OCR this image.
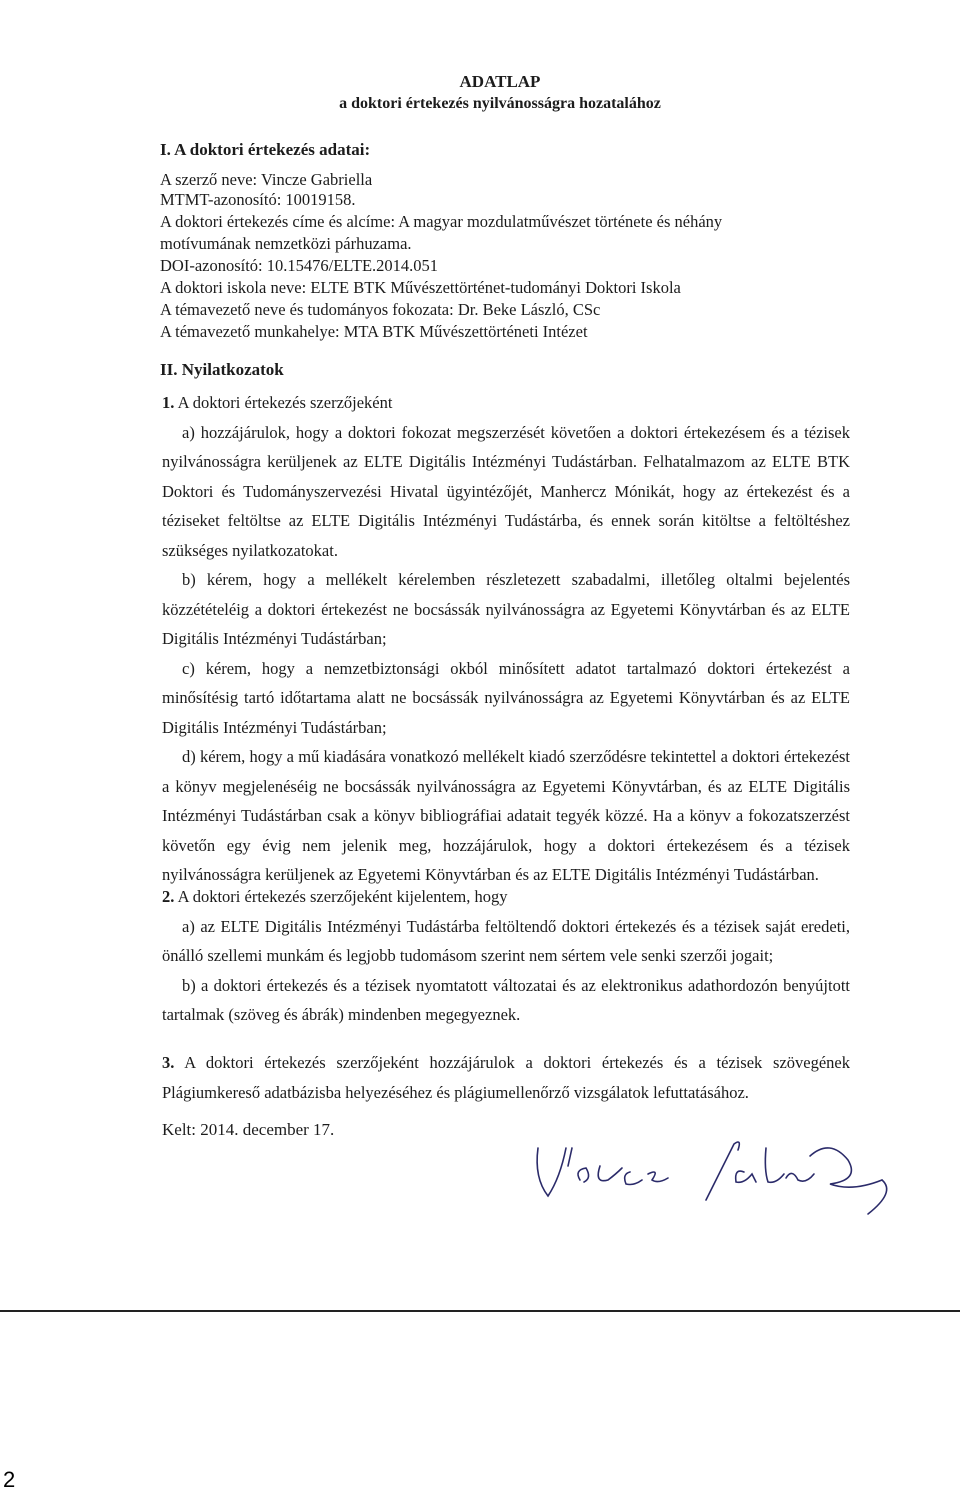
ADATLAP
a doktori értekezés nyilvánosságra hozatalához
I. A doktori értekezés adatai:
A szerző neve: Vincze Gabriella
MTMT-azonosító: 10019158.
A doktori értekezés címe és alcíme: A magyar mozdulatművészet története és néhány
motívumának nemzetközi párhuzama.
DOI-azonosító: 10.15476/ELTE.2014.051
A doktori iskola neve: ELTE BTK Művészettörténet-tudományi Doktori Iskola
A témavezető neve és tudományos fokozata: Dr. Beke László, CSc
A témavezető munkahelye: MTA BTK Művészettörténeti Intézet
II. Nyilatkozatok
1. A doktori értekezés szerzőjeként
a) hozzájárulok, hogy a doktori fokozat megszerzését követően a doktori értekezésem és a tézisek nyilvánosságra kerüljenek az ELTE Digitális Intézményi Tudástárban. Felhatalmazom az ELTE BTK Doktori és Tudományszervezési Hivatal ügyintézőjét, Manhercz Mónikát, hogy az értekezést és a téziseket feltöltse az ELTE Digitális Intézményi Tudástárba, és ennek során kitöltse a feltöltéshez szükséges nyilatkozatokat.
b) kérem, hogy a mellékelt kérelemben részletezett szabadalmi, illetőleg oltalmi bejelentés közzétételéig a doktori értekezést ne bocsássák nyilvánosságra az Egyetemi Könyvtárban és az ELTE Digitális Intézményi Tudástárban;
c) kérem, hogy a nemzetbiztonsági okból minősített adatot tartalmazó doktori értekezést a minősítésig tartó időtartama alatt ne bocsássák nyilvánosságra az Egyetemi Könyvtárban és az ELTE Digitális Intézményi Tudástárban;
d) kérem, hogy a mű kiadására vonatkozó mellékelt kiadó szerződésre tekintettel a doktori értekezést a könyv megjelenéséig ne bocsássák nyilvánosságra az Egyetemi Könyvtárban, és az ELTE Digitális Intézményi Tudástárban csak a könyv bibliográfiai adatait tegyék közzé. Ha a könyv a fokozatszerzést követőn egy évig nem jelenik meg, hozzájárulok, hogy a doktori értekezésem és a tézisek nyilvánosságra kerüljenek az Egyetemi Könyvtárban és az ELTE Digitális Intézményi Tudástárban.
2. A doktori értekezés szerzőjeként kijelentem, hogy
a) az ELTE Digitális Intézményi Tudástárba feltöltendő doktori értekezés és a tézisek saját eredeti, önálló szellemi munkám és legjobb tudomásom szerint nem sértem vele senki szerzői jogait;
b) a doktori értekezés és a tézisek nyomtatott változatai és az elektronikus adathordozón benyújtott tartalmak (szöveg és ábrák) mindenben megegyeznek.
3. A doktori értekezés szerzőjeként hozzájárulok a doktori értekezés és a tézisek szövegének Plágiumkereső adatbázisba helyezéséhez és plágiumellenőrző vizsgálatok lefuttatásához.
Kelt: 2014. december 17.
2
